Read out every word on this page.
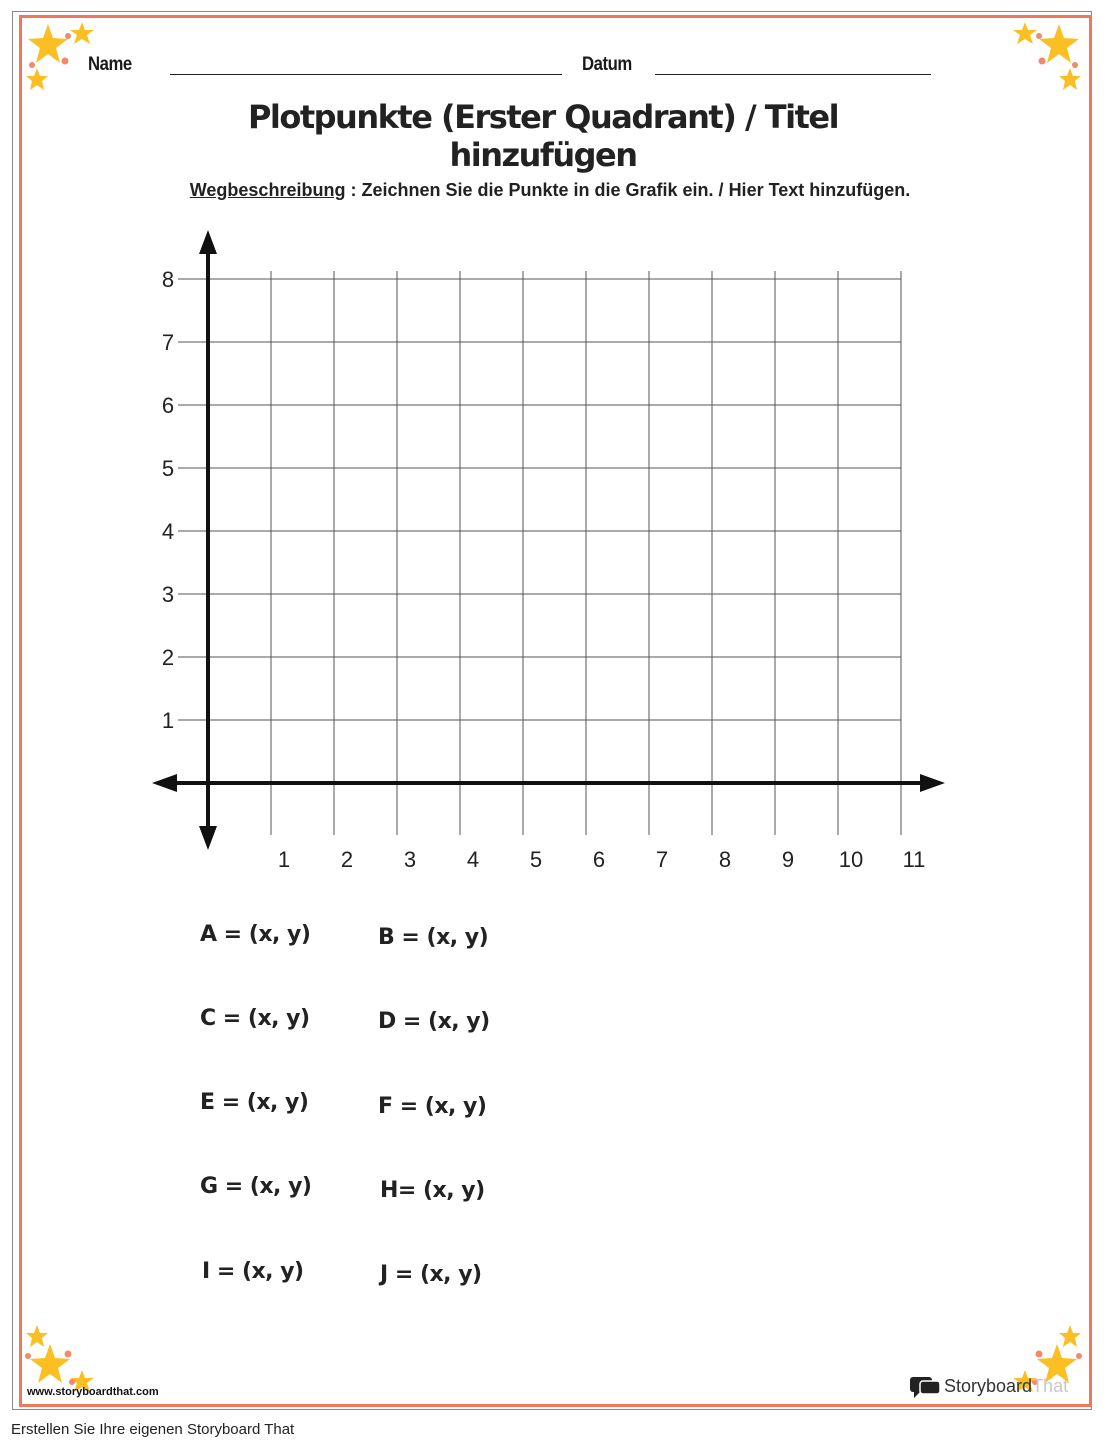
Name	Datum
Plotpunkte (Erster Quadrant) / Titel
hinzufügen
Wegbeschreibung : Zeichnen Sie die Punkte in die Grafik ein. / Hier Text hinzufügen.
1 2 3 4 5 6 7 8 9 10 11
1
2
3
4
5
6
7
8
A = (x, y)	B = (x, y)
C = (x, y)	D = (x, y)
E = (x, y)	F = (x, y)
G = (x, y)	H= (x, y)
I = (x, y)	J = (x, y)
www.storyboardthat.com	StoryboardThat
Erstellen Sie Ihre eigenen Storyboard That
